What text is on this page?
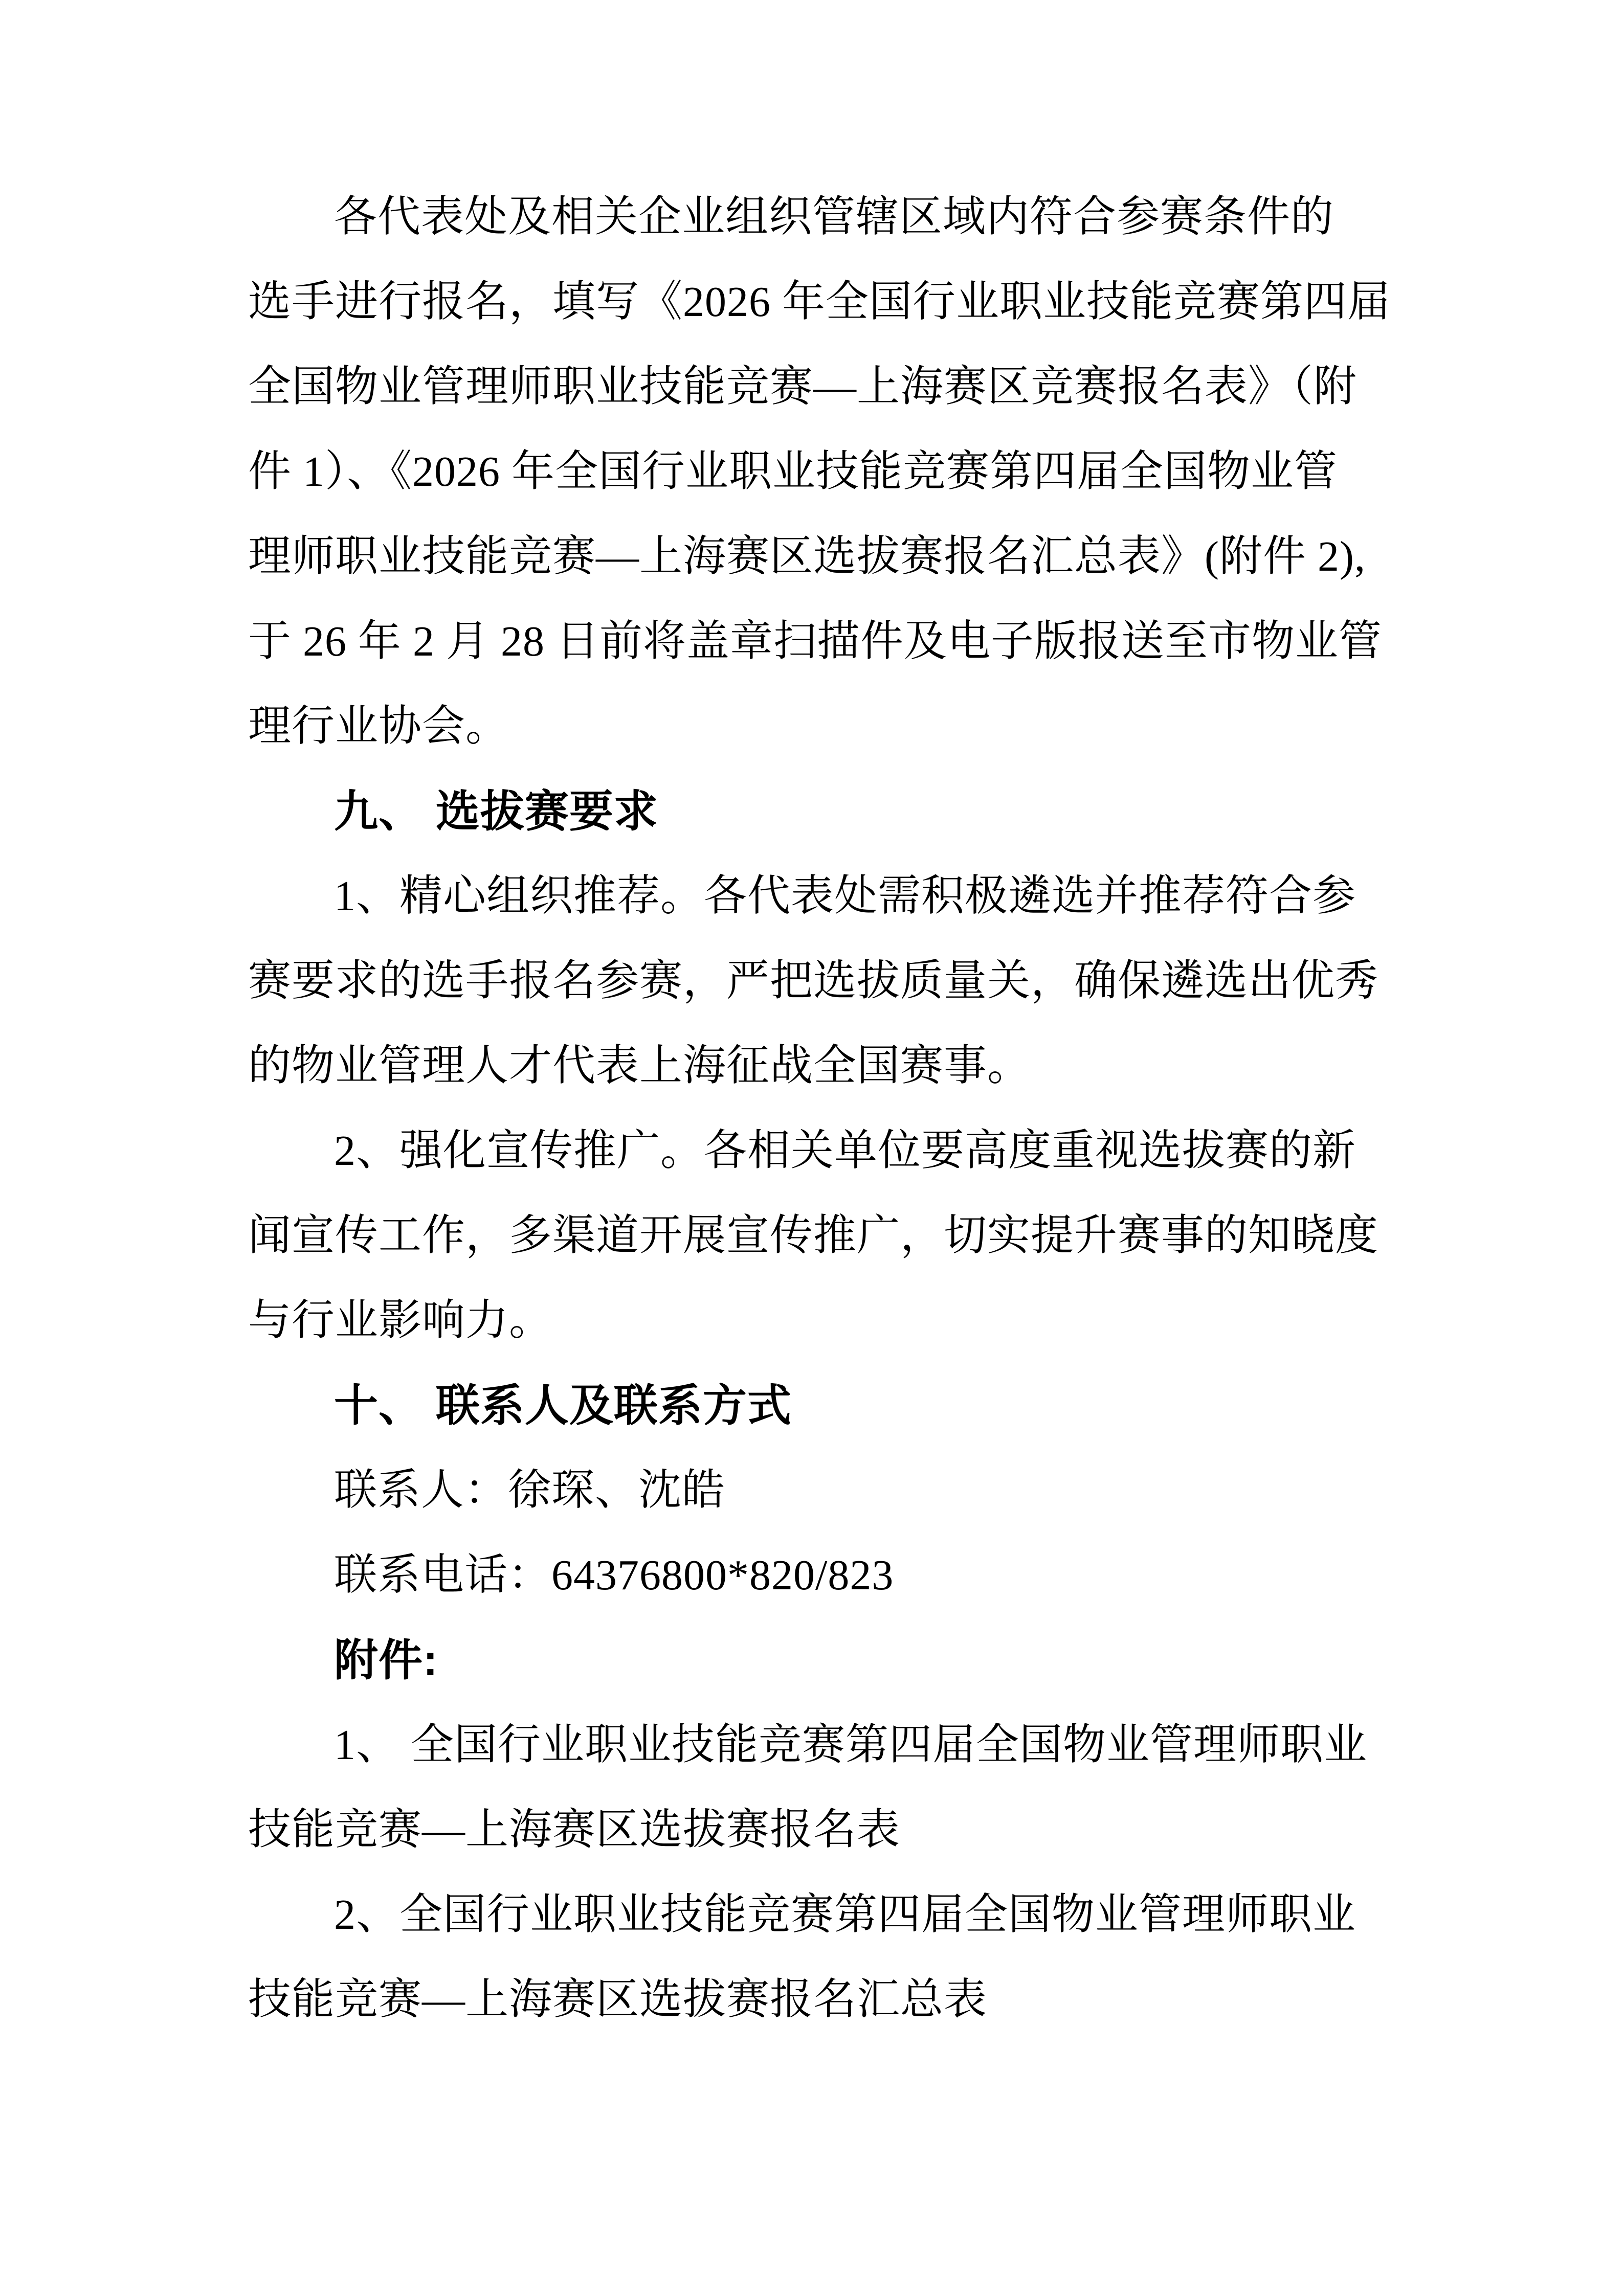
各代表处及相关企业组织管辖区域内符合参赛条件的
选手进行报名，填写《2026 年全国行业职业技能竞赛第四届
全国物业管理师职业技能竞赛—上海赛区竞赛报名表》（附
件 1）、《2026 年全国行业职业技能竞赛第四届全国物业管
理师职业技能竞赛—上海赛区选拔赛报名汇总表》(附件 2),
于 26 年 2 月 28 日前将盖章扫描件及电子版报送至市物业管
理行业协会。
九、 选拔赛要求
1、精心组织推荐。各代表处需积极遴选并推荐符合参
赛要求的选手报名参赛，严把选拔质量关，确保遴选出优秀
的物业管理人才代表上海征战全国赛事。
2、强化宣传推广。各相关单位要高度重视选拔赛的新
闻宣传工作，多渠道开展宣传推广，切实提升赛事的知晓度
与行业影响力。
十、 联系人及联系方式
联系人：徐琛、沈皓
联系电话：64376800*820/823
附件:
1、 全国行业职业技能竞赛第四届全国物业管理师职业
技能竞赛—上海赛区选拔赛报名表
2、全国行业职业技能竞赛第四届全国物业管理师职业
技能竞赛—上海赛区选拔赛报名汇总表
